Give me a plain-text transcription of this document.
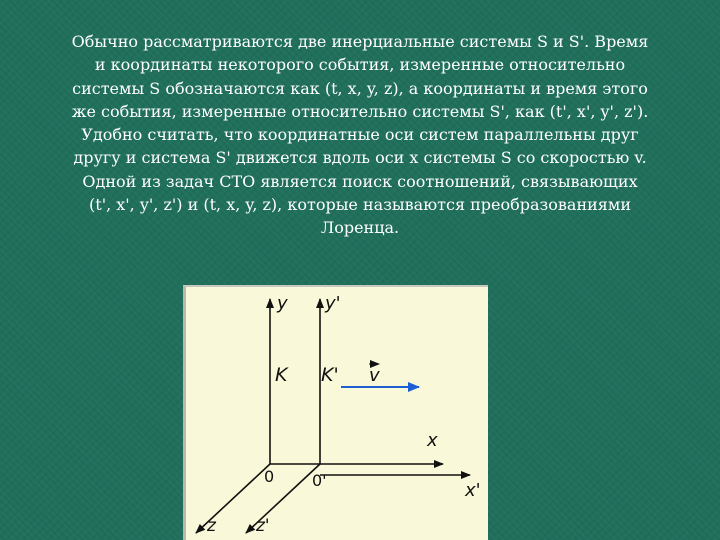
Обычно рассматриваются две инерциальные системы S и S'. Время
и координаты некоторого события, измеренные относительно
системы S обозначаются как (t, x, y, z), а координаты и время этого
же события, измеренные относительно системы S', как (t', x', y', z').
Удобно считать, что координатные оси систем параллельны друг
другу и система S' движется вдоль оси x системы S со скоростью v.
Одной из задач СТО является поиск соотношений, связывающих
(t', x', y', z') и (t, x, y, z), которые называются преобразованиями
Лоренца.
y y'
K K' v
x
x'
0 0'
z z'
